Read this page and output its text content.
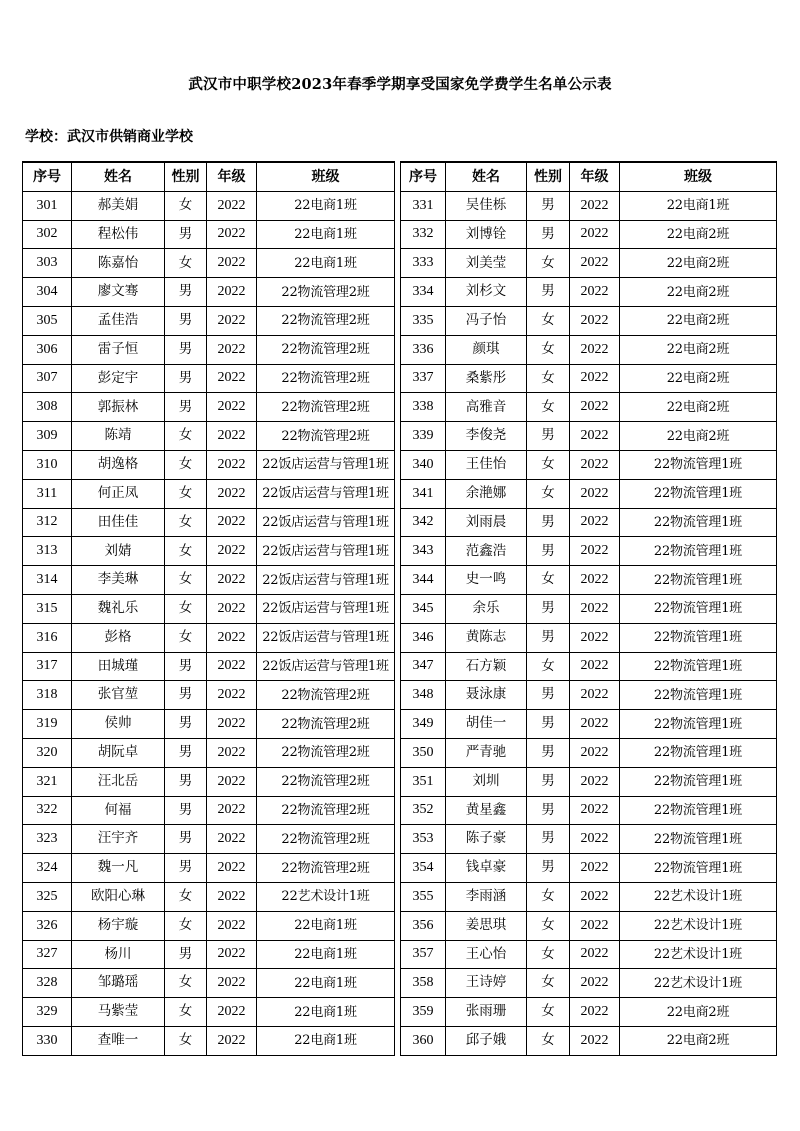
武汉市中职学校2023年春季学期享受国家免学费学生名单公示表
学校：武汉市供销商业学校
序号	姓名	性别	年级	班级
301	郝美娟	女	2022	22电商1班
302	程松伟	男	2022	22电商1班
303	陈嘉怡	女	2022	22电商1班
304	廖文骞	男	2022	22物流管理2班
305	孟佳浩	男	2022	22物流管理2班
306	雷子恒	男	2022	22物流管理2班
307	彭定宇	男	2022	22物流管理2班
308	郭振林	男	2022	22物流管理2班
309	陈靖	女	2022	22物流管理2班
310	胡逸格	女	2022	22饭店运营与管理1班
311	何正凤	女	2022	22饭店运营与管理1班
312	田佳佳	女	2022	22饭店运营与管理1班
313	刘婧	女	2022	22饭店运营与管理1班
314	李美琳	女	2022	22饭店运营与管理1班
315	魏礼乐	女	2022	22饭店运营与管理1班
316	彭格	女	2022	22饭店运营与管理1班
317	田城瑾	男	2022	22饭店运营与管理1班
318	张官堃	男	2022	22物流管理2班
319	侯帅	男	2022	22物流管理2班
320	胡阮卓	男	2022	22物流管理2班
321	汪北岳	男	2022	22物流管理2班
322	何福	男	2022	22物流管理2班
323	汪宇齐	男	2022	22物流管理2班
324	魏一凡	男	2022	22物流管理2班
325	欧阳心琳	女	2022	22艺术设计1班
326	杨宇璇	女	2022	22电商1班
327	杨川	男	2022	22电商1班
328	邹璐瑶	女	2022	22电商1班
329	马紫莹	女	2022	22电商1班
330	查唯一	女	2022	22电商1班
序号	姓名	性别	年级	班级
331	吴佳栎	男	2022	22电商1班
332	刘博铨	男	2022	22电商2班
333	刘美莹	女	2022	22电商2班
334	刘杉文	男	2022	22电商2班
335	冯子怡	女	2022	22电商2班
336	颜琪	女	2022	22电商2班
337	桑紫彤	女	2022	22电商2班
338	高雅音	女	2022	22电商2班
339	李俊尧	男	2022	22电商2班
340	王佳怡	女	2022	22物流管理1班
341	余滟娜	女	2022	22物流管理1班
342	刘雨晨	男	2022	22物流管理1班
343	范鑫浩	男	2022	22物流管理1班
344	史一鸣	女	2022	22物流管理1班
345	余乐	男	2022	22物流管理1班
346	黄陈志	男	2022	22物流管理1班
347	石方颖	女	2022	22物流管理1班
348	聂泳康	男	2022	22物流管理1班
349	胡佳一	男	2022	22物流管理1班
350	严青驰	男	2022	22物流管理1班
351	刘圳	男	2022	22物流管理1班
352	黄星鑫	男	2022	22物流管理1班
353	陈子豪	男	2022	22物流管理1班
354	钱卓豪	男	2022	22物流管理1班
355	李雨涵	女	2022	22艺术设计1班
356	姜思琪	女	2022	22艺术设计1班
357	王心怡	女	2022	22艺术设计1班
358	王诗婷	女	2022	22艺术设计1班
359	张雨珊	女	2022	22电商2班
360	邱子娥	女	2022	22电商2班
